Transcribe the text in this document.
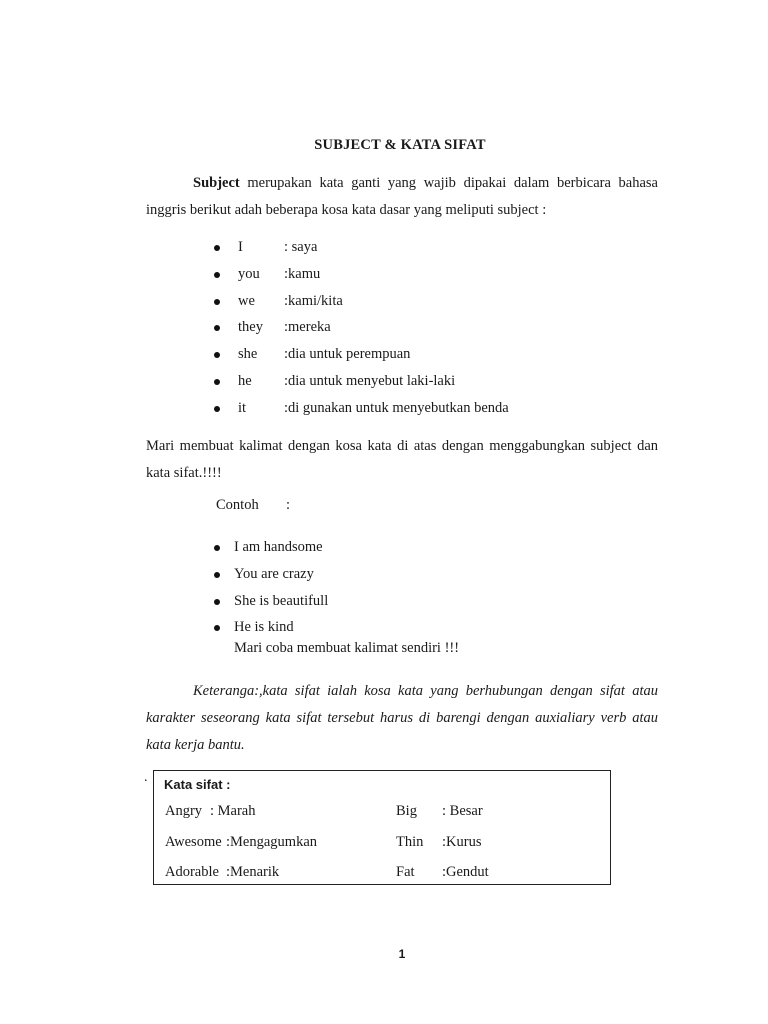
SUBJECT & KATA SIFAT

Subject merupakan kata ganti yang wajib dipakai dalam berbicara bahasa inggris berikut adah beberapa kosa kata dasar yang meliputi subject :

I	: saya
you :kamu
we :kami/kita
they :mereka
she :dia untuk perempuan
he :dia untuk menyebut laki-laki
it	:di gunakan untuk menyebutkan benda

Mari membuat kalimat dengan kosa kata di atas dengan menggabungkan subject dan kata sifat.!!!!

Contoh :
I am handsome
You are crazy
She is beautifull
He is kind
Mari coba membuat kalimat sendiri !!!

Keteranga:,kata sifat ialah kosa kata yang berhubungan dengan sifat atau karakter seseorang kata sifat tersebut harus di barengi dengan auxialiary verb atau kata kerja bantu.

. Kata sifat :
Angry : Marah	Big : Besar
Awesome :Mengagumkan	Thin :Kurus
Adorable :Menarik	Fat :Gendut
1
